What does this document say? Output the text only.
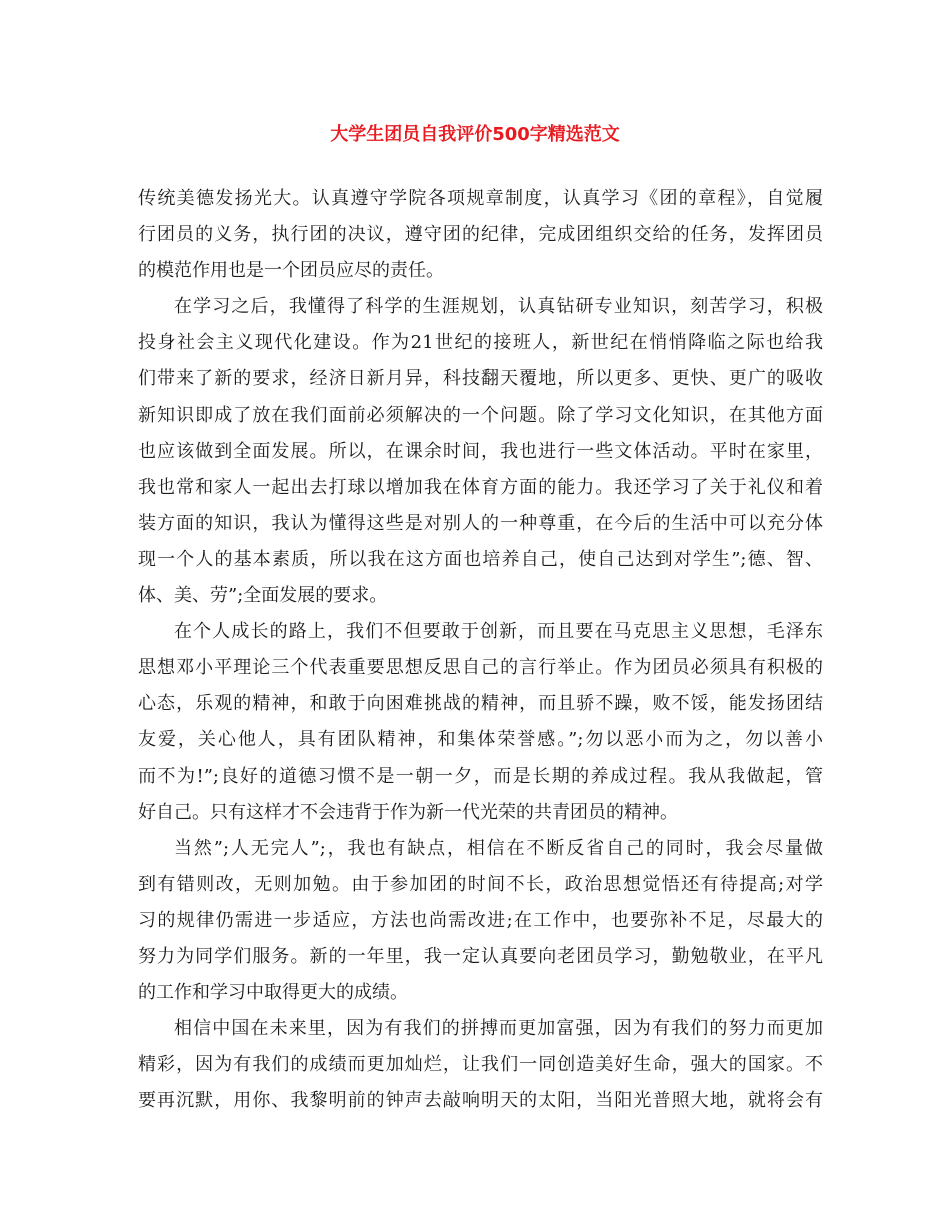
大学生团员自我评价500字精选范文
传统美德发扬光大。认真遵守学院各项规章制度，认真学习《团的章程》，自觉履
行团员的义务，执行团的决议，遵守团的纪律，完成团组织交给的任务，发挥团员
的模范作用也是一个团员应尽的责任。
在学习之后，我懂得了科学的生涯规划，认真钻研专业知识，刻苦学习，积极
投身社会主义现代化建设。作为21世纪的接班人，新世纪在悄悄降临之际也给我
们带来了新的要求，经济日新月异，科技翻天覆地，所以更多、更快、更广的吸收
新知识即成了放在我们面前必须解决的一个问题。除了学习文化知识，在其他方面
也应该做到全面发展。所以，在课余时间，我也进行一些文体活动。平时在家里，
我也常和家人一起出去打球以增加我在体育方面的能力。我还学习了关于礼仪和着
装方面的知识，我认为懂得这些是对别人的一种尊重，在今后的生活中可以充分体
现一个人的基本素质，所以我在这方面也培养自己，使自己达到对学生”;德、智、
体、美、劳”;全面发展的要求。
在个人成长的路上，我们不但要敢于创新，而且要在马克思主义思想，毛泽东
思想邓小平理论三个代表重要思想反思自己的言行举止。作为团员必须具有积极的
心态，乐观的精神，和敢于向困难挑战的精神，而且骄不躁，败不馁，能发扬团结
友爱，关心他人，具有团队精神，和集体荣誉感。”;勿以恶小而为之，勿以善小
而不为!”;良好的道德习惯不是一朝一夕，而是长期的养成过程。我从我做起，管
好自己。只有这样才不会违背于作为新一代光荣的共青团员的精神。
当然”;人无完人”;，我也有缺点，相信在不断反省自己的同时，我会尽量做
到有错则改，无则加勉。由于参加团的时间不长，政治思想觉悟还有待提高;对学
习的规律仍需进一步适应，方法也尚需改进;在工作中，也要弥补不足，尽最大的
努力为同学们服务。新的一年里，我一定认真要向老团员学习，勤勉敬业，在平凡
的工作和学习中取得更大的成绩。
相信中国在未来里，因为有我们的拼搏而更加富强，因为有我们的努力而更加
精彩，因为有我们的成绩而更加灿烂，让我们一同创造美好生命，强大的国家。不
要再沉默，用你、我黎明前的钟声去敲响明天的太阳，当阳光普照大地，就将会有
